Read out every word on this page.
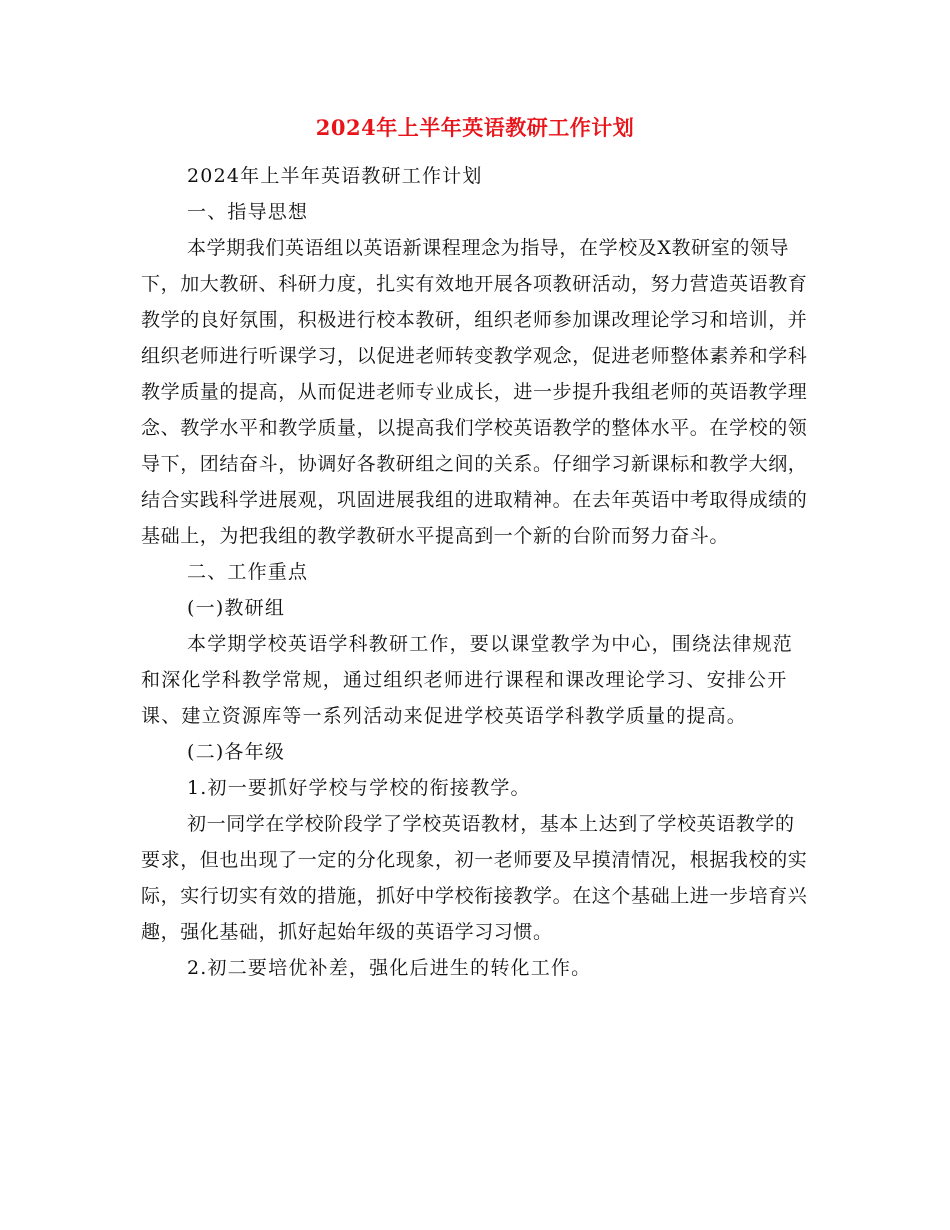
2024年上半年英语教研工作计划

2024年上半年英语教研工作计划

一、指导思想

本学期我们英语组以英语新课程理念为指导，在学校及X教研室的领导下，加大教研、科研力度，扎实有效地开展各项教研活动，努力营造英语教育教学的良好氛围，积极进行校本教研，组织老师参加课改理论学习和培训，并组织老师进行听课学习，以促进老师转变教学观念，促进老师整体素养和学科教学质量的提高，从而促进老师专业成长，进一步提升我组老师的英语教学理念、教学水平和教学质量，以提高我们学校英语教学的整体水平。在学校的领导下，团结奋斗，协调好各教研组之间的关系。仔细学习新课标和教学大纲，结合实践科学进展观，巩固进展我组的进取精神。在去年英语中考取得成绩的基础上，为把我组的教学教研水平提高到一个新的台阶而努力奋斗。

二、工作重点

(一)教研组

本学期学校英语学科教研工作，要以课堂教学为中心，围绕法律规范和深化学科教学常规，通过组织老师进行课程和课改理论学习、安排公开课、建立资源库等一系列活动来促进学校英语学科教学质量的提高。

(二)各年级

1.初一要抓好学校与学校的衔接教学。

初一同学在学校阶段学了学校英语教材，基本上达到了学校英语教学的要求，但也出现了一定的分化现象，初一老师要及早摸清情况，根据我校的实际，实行切实有效的措施，抓好中学校衔接教学。在这个基础上进一步培育兴趣，强化基础，抓好起始年级的英语学习习惯。

2.初二要培优补差，强化后进生的转化工作。
